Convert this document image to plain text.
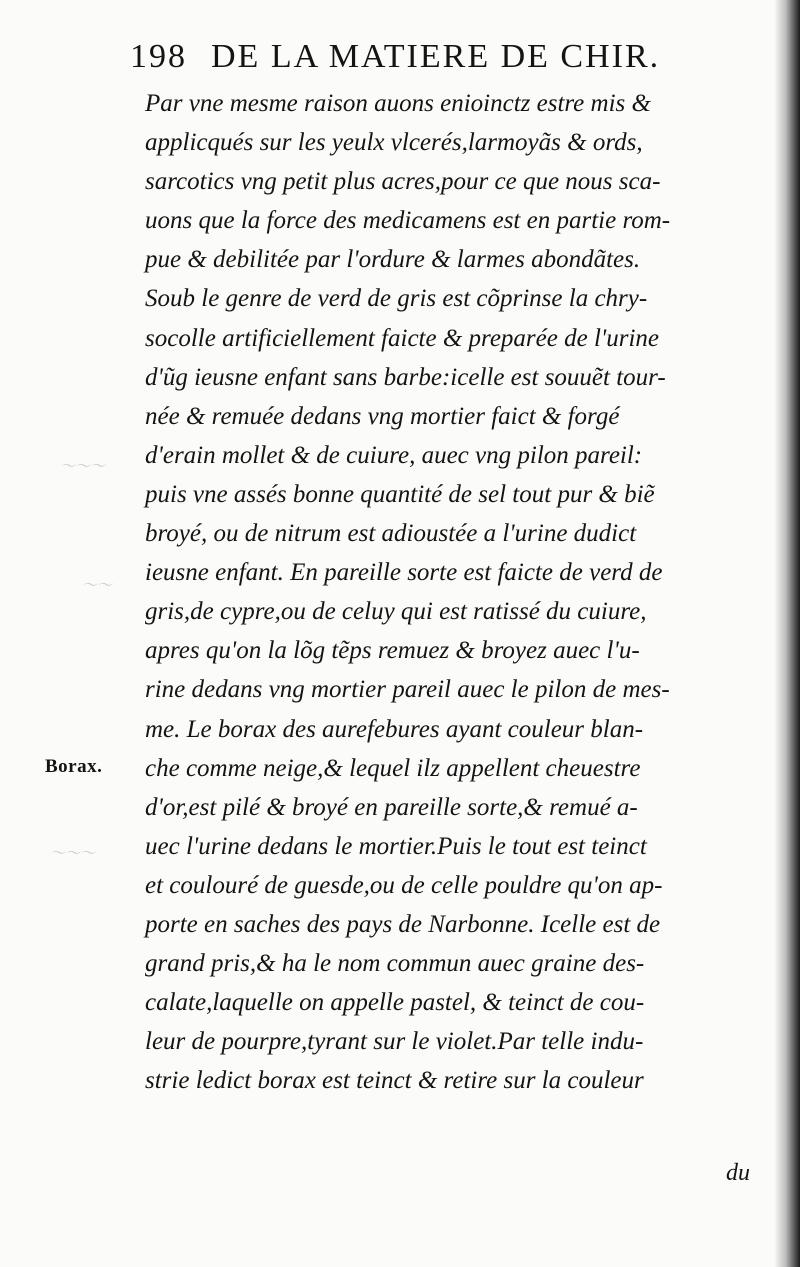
～～～
～～
～～～
198 DE LA MATIERE DE CHIR.
Borax.
Par vne mesme raison auons enioinctz estre mis &
applicqués sur les yeulx vlcerés,larmoyãs & ords,
sarcotics vng petit plus acres,pour ce que nous sca-
uons que la force des medicamens est en partie rom-
pue & debilitée par l'ordure & larmes abondãtes.
Soub le genre de verd de gris est cõprinse la chry-
socolle artificiellement faicte & preparée de l'urine
d'ũg ieusne enfant sans barbe:icelle est souuẽt tour-
née & remuée dedans vng mortier faict & forgé
d'erain mollet & de cuiure, auec vng pilon pareil:
puis vne assés bonne quantité de sel tout pur & biẽ
broyé, ou de nitrum est adioustée a l'urine dudict
ieusne enfant. En pareille sorte est faicte de verd de
gris,de cypre,ou de celuy qui est ratissé du cuiure,
apres qu'on la lõg tẽps remuez & broyez auec l'u-
rine dedans vng mortier pareil auec le pilon de mes-
me. Le borax des aurefebures ayant couleur blan-
che comme neige,& lequel ilz appellent cheuestre
d'or,est pilé & broyé en pareille sorte,& remué a-
uec l'urine dedans le mortier.Puis le tout est teinct
et coulouré de guesde,ou de celle pouldre qu'on ap-
porte en saches des pays de Narbonne. Icelle est de
grand pris,& ha le nom commun auec graine des-
calate,laquelle on appelle pastel, & teinct de cou-
leur de pourpre,tyrant sur le violet.Par telle indu-
strie ledict borax est teinct & retire sur la couleur
du
